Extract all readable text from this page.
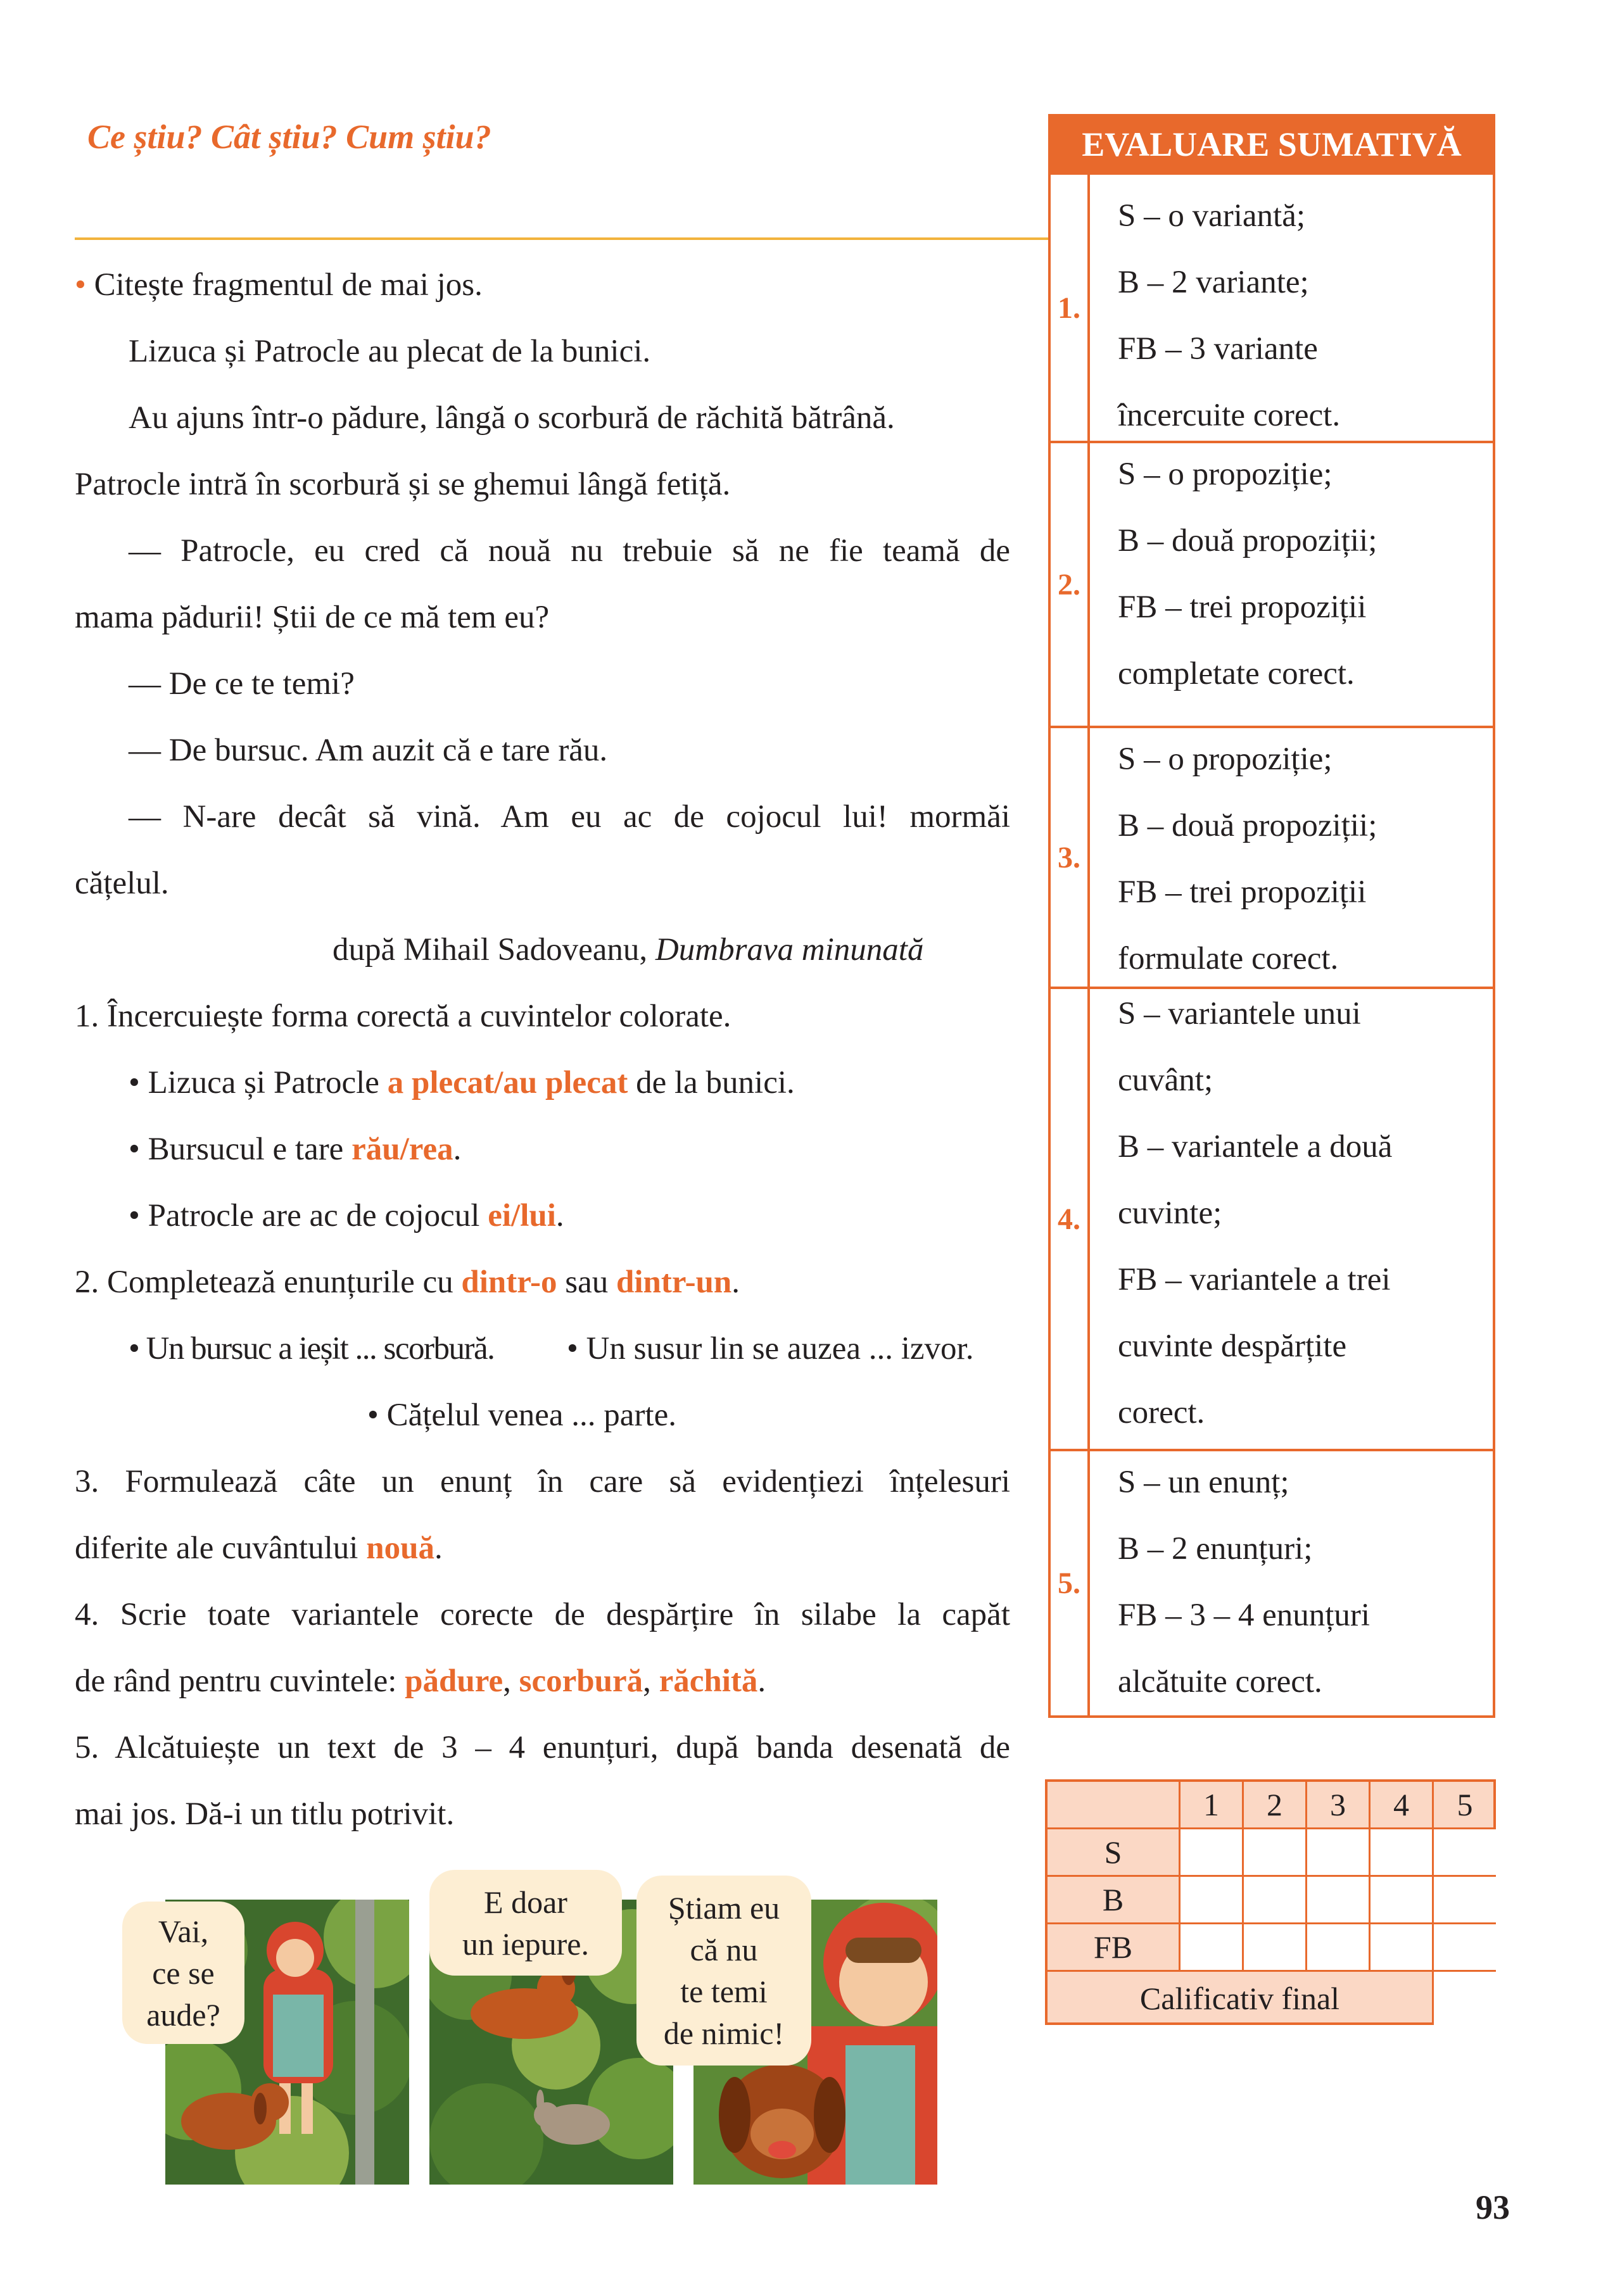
Ce știu? Cât știu? Cum știu?
• Citește fragmentul de mai jos.
Lizuca și Patrocle au plecat de la bunici.
Au ajuns într-o pădure, lângă o scorbură de răchită bătrână.
Patrocle intră în scorbură și se ghemui lângă fetiță.
— Patrocle, eu cred că nouă nu trebuie să ne fie teamă de
mama pădurii! Știi de ce mă tem eu?
— De ce te temi?
— De bursuc. Am auzit că e tare rău.
— N-are decât să vină. Am eu ac de cojocul lui! mormăi
cățelul.
după Mihail Sadoveanu, Dumbrava minunată
1. Încercuiește forma corectă a cuvintelor colorate.
• Lizuca și Patrocle a plecat/au plecat de la bunici.
• Bursucul e tare rău/rea.
• Patrocle are ac de cojocul ei/lui.
2. Completează enunțurile cu dintr-o sau dintr-un.
• Un bursuc a ieșit ... scorbură. • Un susur lin se auzea ... izvor.
• Cățelul venea ... parte.
3. Formulează câte un enunț în care să evidențiezi înțelesuri
diferite ale cuvântului nouă.
4. Scrie toate variantele corecte de despărțire în silabe la capăt
de rând pentru cuvintele: pădure, scorbură, răchită.
5. Alcătuiește un text de 3 – 4 enunțuri, după banda desenată de
mai jos. Dă-i un titlu potrivit.
EVALUARE SUMATIVĂ
1.
S – o variantă;
B – 2 variante;
FB – 3 variante
încercuite corect.
2.
S – o propoziție;
B – două propoziții;
FB – trei propoziții
completate corect.
3.
S – o propoziție;
B – două propoziții;
FB – trei propoziții
formulate corect.
4.
S – variantele unui
cuvânt;
B – variantele a două
cuvinte;
FB – variantele a trei
cuvinte despărțite
corect.
5.
S – un enunț;
B – 2 enunțuri;
FB – 3 – 4 enunțuri
alcătuite corect.
1	2	3	4	5
S
B
FB
Calificativ final
Vai,
ce se
aude?
E doar
un iepure.
Știam eu
că nu
te temi
de nimic!
93
